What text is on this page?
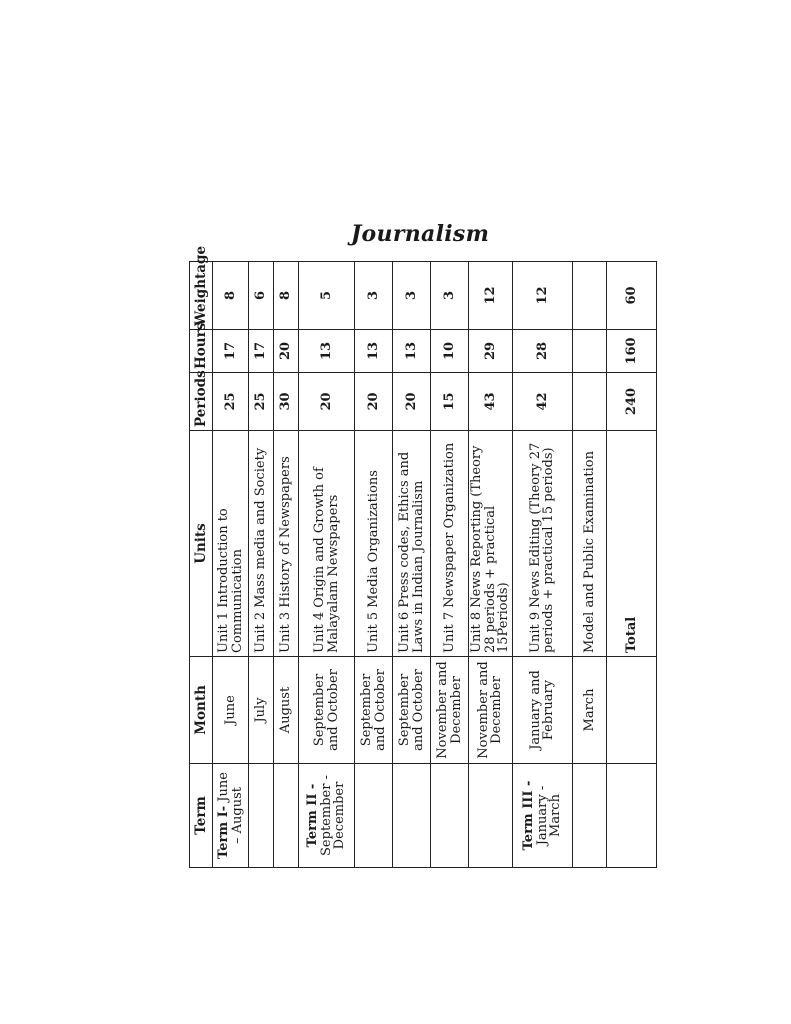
Journalism
Term	Month	Units	Periods	Hours	Weightage
Term I- June – August	June	Unit 1 Introduction to Communication	25	17	8
	July	Unit 2 Mass media and Society	25	17	6
	August	Unit 3 History of Newspapers	30	20	8
Term II - September - December	September and October	Unit 4 Origin and Growth of Malayalam Newspapers	20	13	5
	September and October	Unit 5 Media Organizations	20	13	3
	September and October	Unit 6 Press codes, Ethics and Laws in Indian Journalism	20	13	3
	November and December	Unit 7 Newspaper Organization	15	10	3
	November and December	Unit 8 News Reporting (Theory 28 periods + practical 15Periods)	43	29	12
Term III - January - March	January and February	Unit 9 News Editing (Theory 27 periods + practical 15 periods)	42	28	12
	March	Model and Public Examination			
		Total	240	160	60
